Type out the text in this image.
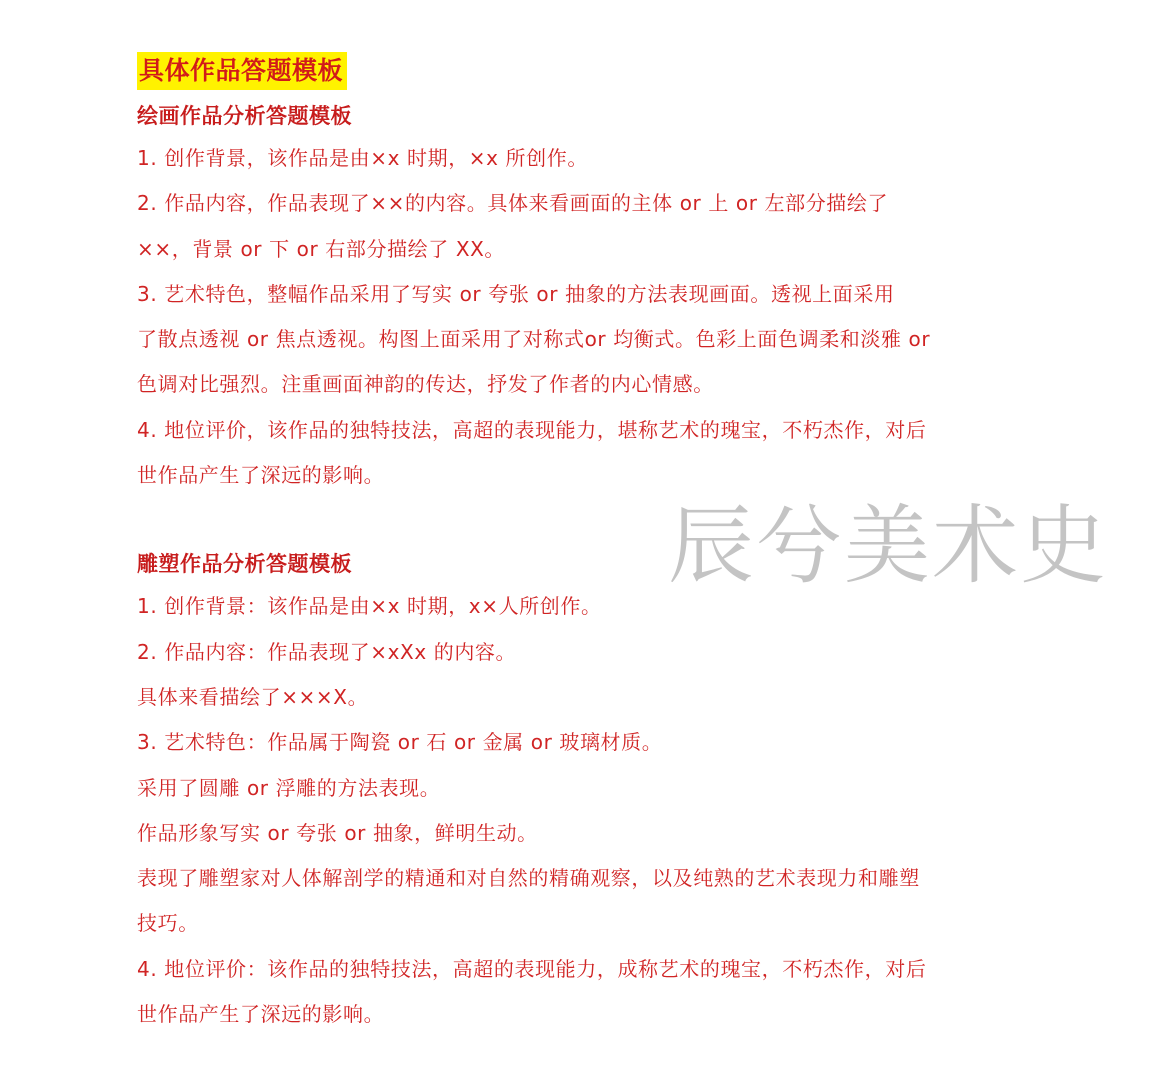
具体作品答题模板
绘画作品分析答题模板

1. 创作背景，该作品是由×x 时期，×x 所创作。

2. 作品内容，作品表现了××的内容。具体来看画面的主体 or 上 or 左部分描绘了

××，背景 or 下 or 右部分描绘了 XX。

3. 艺术特色，整幅作品采用了写实 or 夸张 or 抽象的方法表现画面。透视上面采用

了散点透视 or 焦点透视。构图上面采用了对称式or 均衡式。色彩上面色调柔和淡雅 or

色调对比强烈。注重画面神韵的传达，抒发了作者的内心情感。

4. 地位评价，该作品的独特技法，高超的表现能力，堪称艺术的瑰宝，不朽杰作，对后

世作品产生了深远的影响。

雕塑作品分析答题模板

1. 创作背景：该作品是由×x 时期，x×人所创作。

2. 作品内容：作品表现了×xXx 的内容。

具体来看描绘了×××X。

3. 艺术特色：作品属于陶瓷 or 石 or 金属 or 玻璃材质。

采用了圆雕 or 浮雕的方法表现。

作品形象写实 or 夸张 or 抽象，鲜明生动。

表现了雕塑家对人体解剖学的精通和对自然的精确观察，以及纯熟的艺术表现力和雕塑

技巧。

4. 地位评价：该作品的独特技法，高超的表现能力，成称艺术的瑰宝，不朽杰作，对后

世作品产生了深远的影响。

辰兮美术史
